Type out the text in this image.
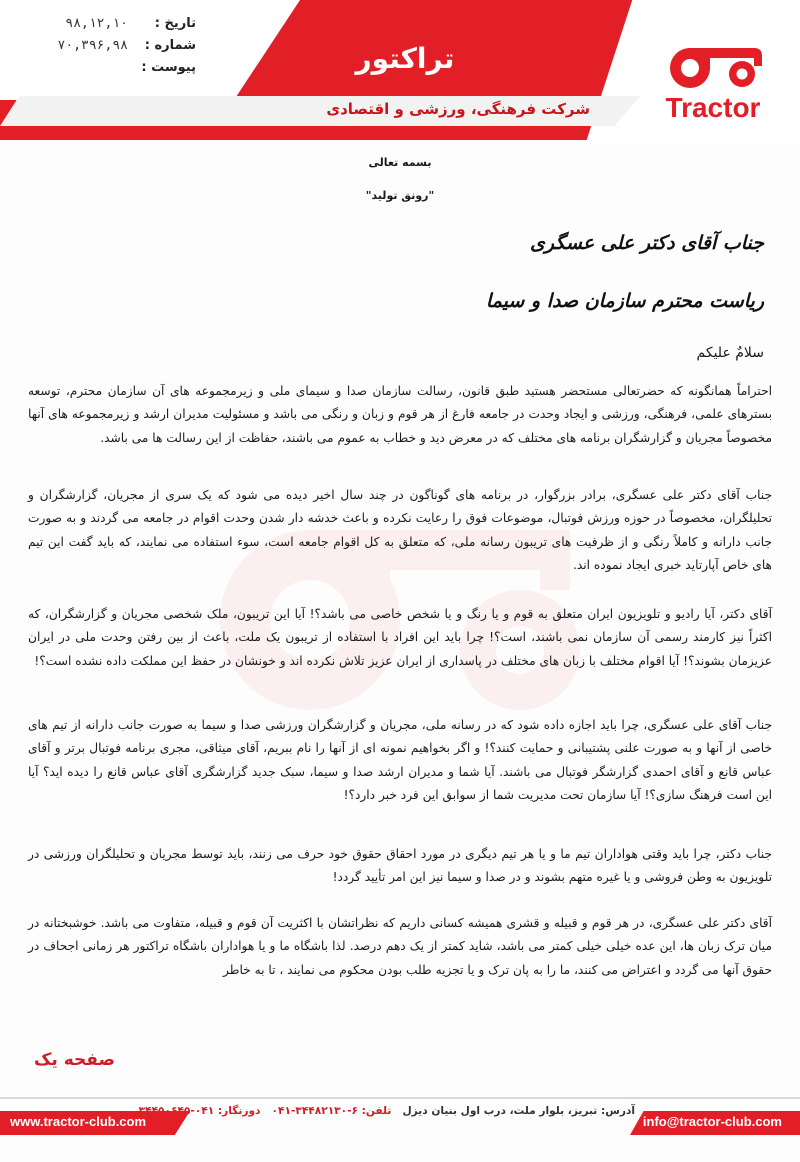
تراکتور
شرکت فرهنگی، ورزشی و اقتصادی
تاریخ :
۹۸,۱۲,۱۰
شماره :
۷۰,۳۹۶,۹۸
پیوست :
Tractor
بسمه تعالی
"رونق تولید"
جناب آقای دکتر علی عسگری
ریاست محترم سازمان صدا و سیما
سلامٌ علیکم

احتراماً همانگونه که حضرتعالی مستحضر هستید طبق قانون، رسالت سازمان صدا و سیمای ملی و زیرمجموعه های آن سازمان محترم، توسعه بسترهای علمی، فرهنگی، ورزشی و ایجاد وحدت در جامعه فارغ از هر قوم و زبان و رنگی می باشد و مسئولیت مدیران ارشد و زیرمجموعه های آنها مخصوصاً مجریان و گزارشگران برنامه های مختلف که در معرض دید و خطاب به عموم می باشند، حفاظت از این رسالت ها می باشد.

جناب آقای دکتر علی عسگری، برادر بزرگوار، در برنامه های گوناگون در چند سال اخیر دیده می شود که یک سری از مجریان، گزارشگران و تحلیلگران، مخصوصاً در حوزه ورزش فوتبال، موضوعات فوق را رعایت نکرده و باعث خدشه دار شدن وحدت اقوام در جامعه می گردند و به صورت جانب دارانه و کاملاً رنگی و از ظرفیت های تریبون رسانه ملی، که متعلق به کل اقوام جامعه است، سوء استفاده می نمایند، که باید گفت این تیم های خاص آپارتاید خبری ایجاد نموده اند.

آقای دکتر، آیا رادیو و تلویزیون ایران متعلق به قوم و یا رنگ و یا شخص خاصی می باشد؟! آیا این تریبون، ملک شخصی مجریان و گزارشگران، که اکثراً نیز کارمند رسمی آن سازمان نمی باشند، است؟! چرا باید این افراد با استفاده از تریبون یک ملت، باعث از بین رفتن وحدت ملی در ایران عزیزمان بشوند؟! آیا اقوام مختلف با زبان های مختلف در پاسداری از ایران عزیز تلاش نکرده اند و خونشان در حفظ این مملکت داده نشده است؟!

جناب آقای علی عسگری، چرا باید اجازه داده شود که در رسانه ملی، مجریان و گزارشگران ورزشی صدا و سیما به صورت جانب دارانه از تیم های خاصی از آنها و به صورت علنی پشتیبانی و حمایت کنند؟! و اگر بخواهیم نمونه ای از آنها را نام ببریم، آقای میثاقی، مجری برنامه فوتبال برتر و آقای عباس قانع و آقای احمدی گزارشگر فوتبال می باشند. آیا شما و مدیران ارشد صدا و سیما، سبک جدید گزارشگری آقای عباس قانع را دیده اید؟ آیا این است فرهنگ سازی؟! آیا سازمان تحت مدیریت شما از سوابق این فرد خبر دارد؟!

جناب دکتر، چرا باید وقتی هواداران تیم ما و یا هر تیم دیگری در مورد احقاق حقوق خود حرف می زنند، باید توسط مجریان و تحلیلگران ورزشی در تلویزیون به وطن فروشی و یا غیره متهم بشوند و در صدا و سیما نیز این امر تأیید گردد!

آقای دکتر علی عسگری، در هر قوم و قبیله و قشری همیشه کسانی داریم که نظراتشان با اکثریت آن قوم و قبیله، متفاوت می باشد. خوشبختانه در میان ترک زبان ها، این عده خیلی خیلی کمتر می باشد، شاید کمتر از یک دهم درصد. لذا باشگاه ما و یا هواداران باشگاه تراکتور هر زمانی اجحاف در حقوق آنها می گردد و اعتراض می کنند، ما را به پان ترک و یا تجزیه طلب بودن محکوم می نمایند ، تا به خاطر

صفحه یک
آدرس: تبریز، بلوار ملت، درب اول بنیان دیزل   تلفن: ۶-۳۴۴۸۲۱۳۰-۰۴۱   دورنگار: ۰۴۱-
www.tractor-club.com	info@tractor-club.com
